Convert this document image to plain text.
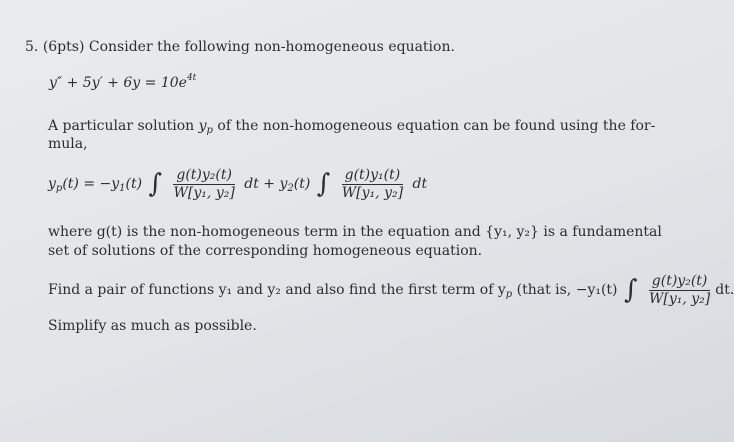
5. (6pts) Consider the following non-homogeneous equation.
$y'' + 5y' + 6y = 10e^{4t}$
A particular solution $y_p$ of the non-homogeneous equation can be found using the for-
mula,
$y_p(t) = -y_1(t)$ ∫ $\frac{\text{g(t)y₂(t)}}{\text{W[y₁, y₂]}}$ dt + $y_2(t)$ ∫ $\frac{\text{g(t)y₁(t)}}{\text{W[y₁, y₂]}}$ dt
where g(t) is the non-homogeneous term in the equation and {y₁, y₂} is a fundamental
set of solutions of the corresponding homogeneous equation.
Find a pair of functions y₁ and y₂ and also find the first term of $y_p$ (that is, −y₁(t) ∫ $\frac{\text{g(t)y₂(t)}}{\text{W[y₁, y₂]}}$ dt.
Simplify as much as possible.
